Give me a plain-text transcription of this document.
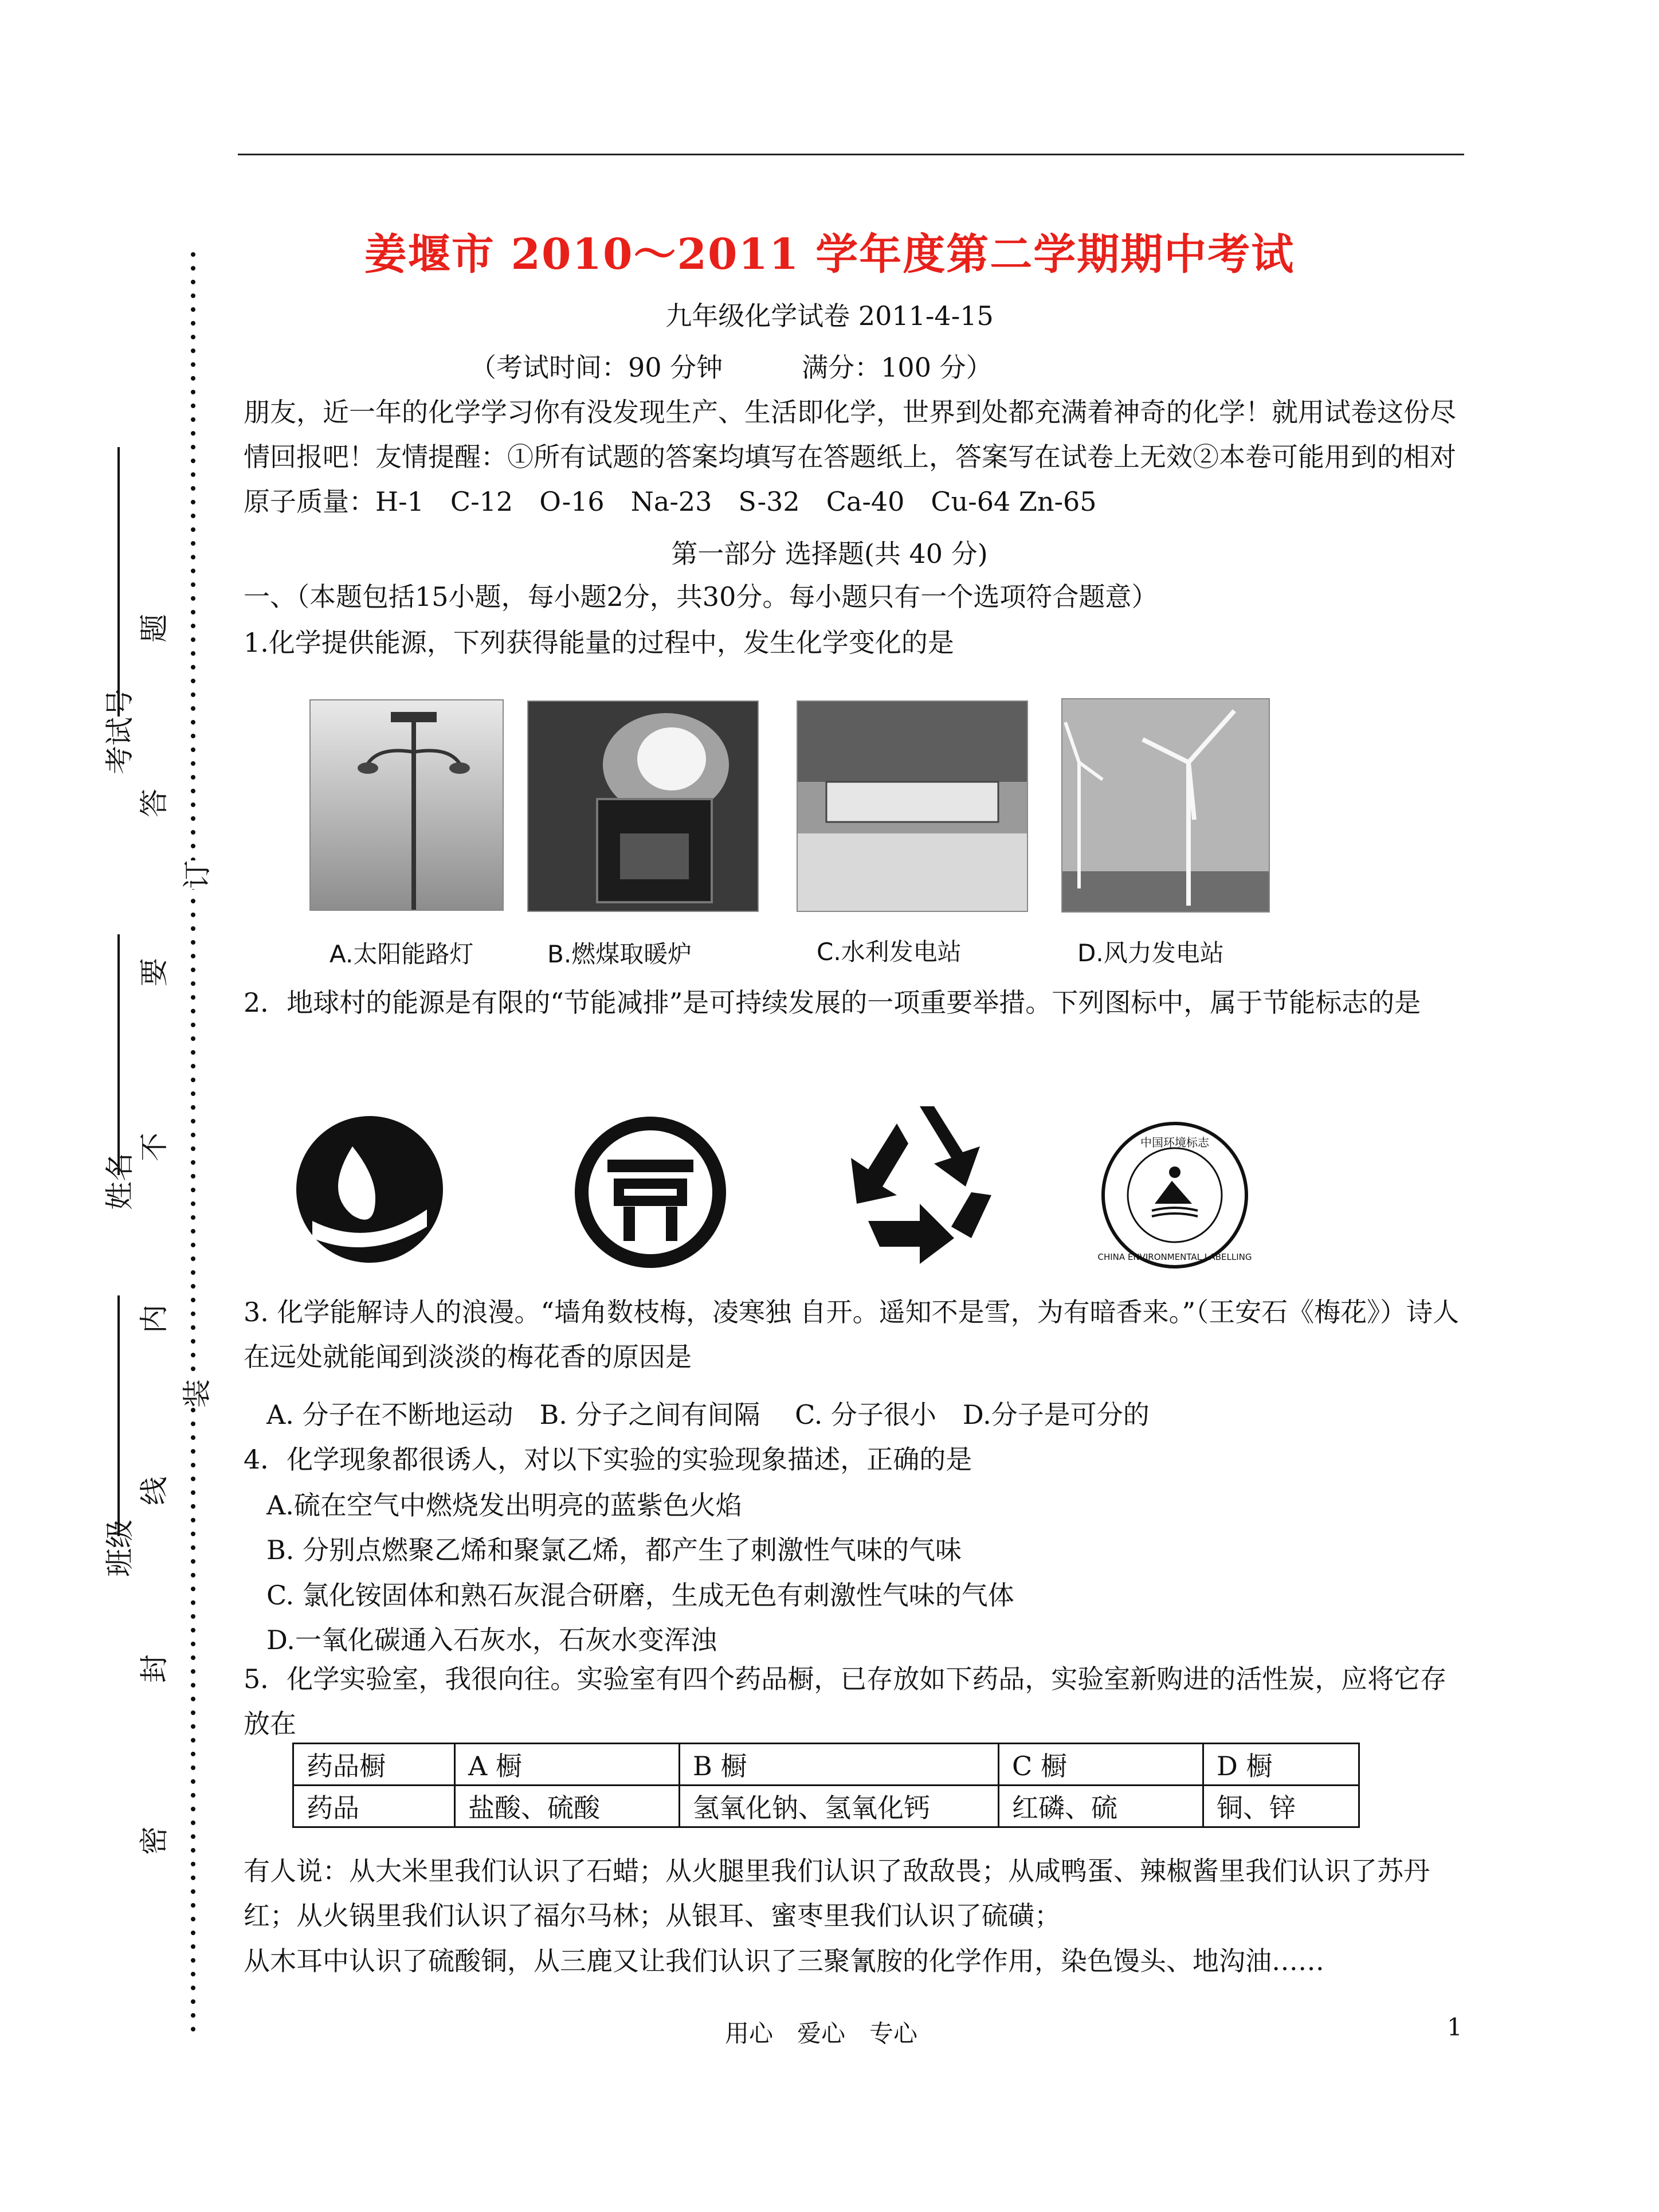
姜堰市 2010～2011 学年度第二学期期中考试
九年级化学试卷 2011-4-15
（考试时间：90 分钟　　　满分：100 分）
朋友，近一年的化学学习你有没发现生产、生活即化学，世界到处都充满着神奇的化学！就用试卷这份尽情回报吧！友情提醒：①所有试题的答案均填写在答题纸上，答案写在试卷上无效②本卷可能用到的相对原子质量：H-1　C-12　O-16　Na-23　S-32　Ca-40　Cu-64 Zn-65
第一部分 选择题(共 40 分)
一、（本题包括15小题，每小题2分，共30分。每小题只有一个选项符合题意）
1.化学提供能源，下列获得能量的过程中，发生化学变化的是
A.太阳能路灯	B.燃煤取暖炉	C.水利发电站	D.风力发电站
2．地球村的能源是有限的“节能减排”是可持续发展的一项重要举措。下列图标中，属于节能标志的是
中国环境标志
CHINA ENVIRONMENTAL LABELLING
3. 化学能解诗人的浪漫。“墙角数枝梅，凌寒独 自开。遥知不是雪，为有暗香来。”（王安石《梅花》）诗人在远处就能闻到淡淡的梅花香的原因是
A. 分子在不断地运动　B. 分子之间有间隔　 C. 分子很小　D.分子是可分的
4．化学现象都很诱人，对以下实验的实验现象描述，正确的是
A.硫在空气中燃烧发出明亮的蓝紫色火焰
B. 分别点燃聚乙烯和聚氯乙烯，都产生了刺激性气味的气味
C. 氯化铵固体和熟石灰混合研磨，生成无色有刺激性气味的气体
D.一氧化碳通入石灰水，石灰水变浑浊
5．化学实验室，我很向往。实验室有四个药品橱，已存放如下药品，实验室新购进的活性炭，应将它存放在
药品橱	A 橱	B 橱	C 橱	D 橱
药品	盐酸、硫酸	氢氧化钠、氢氧化钙	红磷、硫	铜、锌
有人说：从大米里我们认识了石蜡；从火腿里我们认识了敌敌畏；从咸鸭蛋、辣椒酱里我们认识了苏丹红；从火锅里我们认识了福尔马林；从银耳、蜜枣里我们认识了硫磺；
从木耳中认识了硫酸铜，从三鹿又让我们认识了三聚氰胺的化学作用，染色馒头、地沟油……
用心　爱心　专心	1
考试号
姓名
班级
题
答
要
不
内
线
封
密
订
装
